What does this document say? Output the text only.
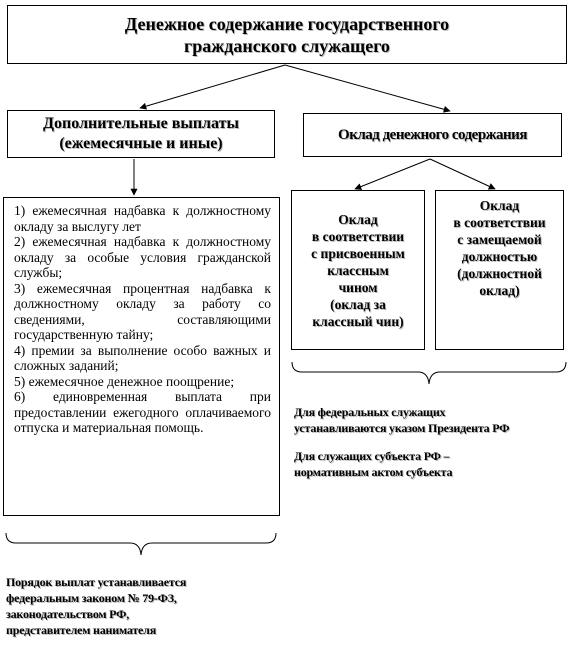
Денежное содержание государственного
гражданского служащего
Дополнительные выплаты
(ежемесячные и иные)	Оклад денежного содержания
1) ежемесячная надбавка к должностному окладу за выслугу лет
2) ежемесячная надбавка к должностному окладу за особые условия гражданской службы;
3) ежемесячная процентная надбавка к должностному окладу за работу со сведениями, составляющими государственную тайну;
4) премии за выполнение особо важных и сложных заданий;
5) ежемесячное денежное поощрение;
6) единовременная выплата при предоставлении ежегодного оплачиваемого отпуска и материальная помощь.
Оклад
в соответствии
с присвоенным
классным
чином
(оклад за
классный чин)
Оклад
в соответствии
с замещаемой
должностью
(должностной
оклад)
Для федеральных служащих
устанавливаются указом Президента РФ
Для служащих субъекта РФ –
нормативным актом субъекта
Порядок выплат устанавливается
федеральным законом № 79-ФЗ,
законодательством РФ,
представителем нанимателя
